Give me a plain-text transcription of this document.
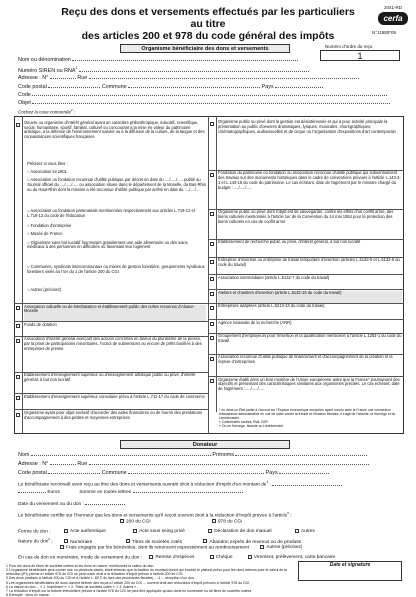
Reçu des dons et versements effectués par les particuliers au titre
des articles 200 et 978 du code général des impôts
2041-RD
cerfa
N°11580*05
Organisme bénéficiaire des dons et versements	Numéro d'ordre du reçu
1
Nom ou dénomination
Numéro SIREN ou RNA$^1$
Adresse : N°	Rue
Code postal	Commune	Pays
Code
Objet
Cochez la case concernée$^2$ :
Oeuvre ou organisme d'intérêt général ayant un caractère philanthropique, éducatif, scientifique, social, humanitaire, sportif, familial, culturel ou concourant à la mise en valeur du patrimoine artistique, à la défense de l'environnement naturel ou à la diffusion de la culture, de la langue et des connaissances scientifiques françaises
Précisez si vous êtes :
○ Association loi 1901
○ Association ou fondation reconnue d'utilité publique par décret en date du ..../...../..... publié au Journal officiel du ..../...../..... ou association située dans le département de la Moselle, du Bas-Rhin ou du Haut-Rhin dont la mission a été reconnue d'utilité publique par arrêté en date du ..../..../....
○ Association ou fondation partenariale mentionnées respectivement aux articles L.719-12 et L.719-13 du code de l'éducation
○ Fondation d'entreprise
○ Musée de France
○ Organisme sans but lucratif fournissant gratuitement une aide alimentaire ou des soins médicaux à des personnes en difficultés ou favorisant leur logement
○ Communes, syndicats intercommunaux ou mixtes de gestion forestière, groupements syndicaux forestiers visés au I ter du 1 de l'article 200 du CGI
○ Autres (précisez)
Association cultuelle ou de bienfaisance et établissement public des cultes reconnus d'Alsace-Moselle
Fonds de dotation
Association d'intérêt général exerçant des actions concrètes en faveur du pluralisme de la presse, par la prise de participations minoritaires, l'octroi de subventions ou encore de prêts bonifiés à des entreprises de presse
Établissement d'enseignement supérieur ou d'enseignement artistique public ou privé, d'intérêt général, à but non lucratif
Établissement d'enseignement supérieur consulaire prévu à l'article L.711-17 du code de commerce
Organisme ayant pour objet exclusif d'accorder des aides financières ou de fournir des prestations d'accompagnement à des petites et moyennes entreprises
Organisme public ou privé dont la gestion est désintéressée et qui a pour activité principale la présentation au public d'oeuvres dramatiques, lyriques, musicales, chorégraphiques, cinématographiques, audiovisuelles et de cirque ou l'organisation d'expositions d'art contemporain
Fondation du patrimoine ou fondation ou association reconnue d'utilité publique qui subventionnent des travaux sur des monuments historiques dans le cadre de conventions prévues à l'article L.143-2-1 et L.143-15 du code du patrimoine. Le cas échéant, date de l'agrément par le ministre chargé du budget : ..../...../.....
Organisme public ou privé dont l'objet est de sauvegarder, contre les effets d'un conflit armé, des biens culturels mentionnés à l'article 1er de la Convention du 14 mai 1954 pour la protection des biens culturels en cas de conflit armé
Établissement de recherche public ou privé, d'intérêt général, à but non lucratif
Entreprise d'insertion ou entreprise de travail temporaire d'insertion (articles L.5132-5 et L.5132-6 du code du travail)
Association intermédiaire (article L.5132-7 du code du travail)
Ateliers et chantiers d'insertion (article L.5132-15 du code du travail)
Entreprises adaptées (article L.5213-13 du code du travail)
Agence nationale de la recherche (ANR)
Groupement d'employeurs pour l'insertion et la qualification mentionné à l'article L.1253-1 du code du travail
Association reconnue d'utilité publique de financement et d'accompagnement de la création et la reprise d'entreprises
Organisme établi dans un Etat membre de l'Union européenne autre que la France* poursuivant des objectifs et présentant des caractéristiques similaires aux organismes précités. Le cas échéant, date de l'agrément : ..../...../.....
* ou dans un État partie à l'accord sur l'Espace économique européen ayant conclu avec la France une convention d'assistance administrative en vue de lutter contre la fraude et l'évasion fiscales. Il s'agit de l'Islande, la Norvège et du Liechtenstein.
» Collectivités locales, Etat, DDF.
» Ou en Norvège, Islande ou Liechtenstein
Donateur
Nom	Prénoms
Adresse : N°	Rue
Code postal	Commune	Pays
Le bénéficiaire reconnaît avoir reçu au titre des dons et versements ouvrant droit à réduction d'impôt d'un montant $de^3$ :
Euros	Somme en toutes lettres
Date du versement ou du don :
Le bénéficiaire certifie sur l'honneur que les dons et versements qu'il reçoit ouvrent droit à la réduction d'impôt prévue à l'article$^5$ :
200 du CGI	978 du CGI
Forme du don :	Acte authentique	Acte sous seing privé	Déclaration de don manuel	Autres
Nature du don$^6$ :	Numéraire	Titres de sociétés cotés	Abandon exprès de revenus ou de produits
Frais engagés par les bénévoles, dont ils renoncent expressément au remboursement	Autres (précisez)
En cas de don en numéraire, mode de versement du don :	Remise d'espèces	Chèque	Virement, prélèvement, carte bancaire
Date et signature
1 Pour les dons de titres de sociétés cotées et les dons en nature, mentionnez la valeur du don.
2 L'organisme bénéficiaire peut cocher une ou plusieurs cases, étant entendu que la fraction du montant donné qui excède le plafond prévu pour les dons retenus pour le calcul de la réduction (IFI) prévue à l'article 978 du CGI ne peut ouvrir droit à la réduction d'impôt prévue à l'article 200 du CGI.
3 Des dons (réalisés à l'article 200 du CGI et à l'article L. 80 C du livre des procédures fiscales) ... 4 ... réception d'un don.
5 Les organismes bénéficiaires de dons doivent délivrer des reçus à l'article 200 du CGI ... ouvrent droit aux réductions d'impôt prévues à l'article 978 du CGI.
6 La nature du don ... « 1. Numéraire », « 2. Titres de sociétés cotés », « 3. Autres » ...
7 La réduction d'impôt sur la fortune immobilière prévue à l'article 978 du CGI ne peut être appliquée qu'aux dons en numéraire ou de titres de sociétés cotées.
8 Exemple : dons en nature.
